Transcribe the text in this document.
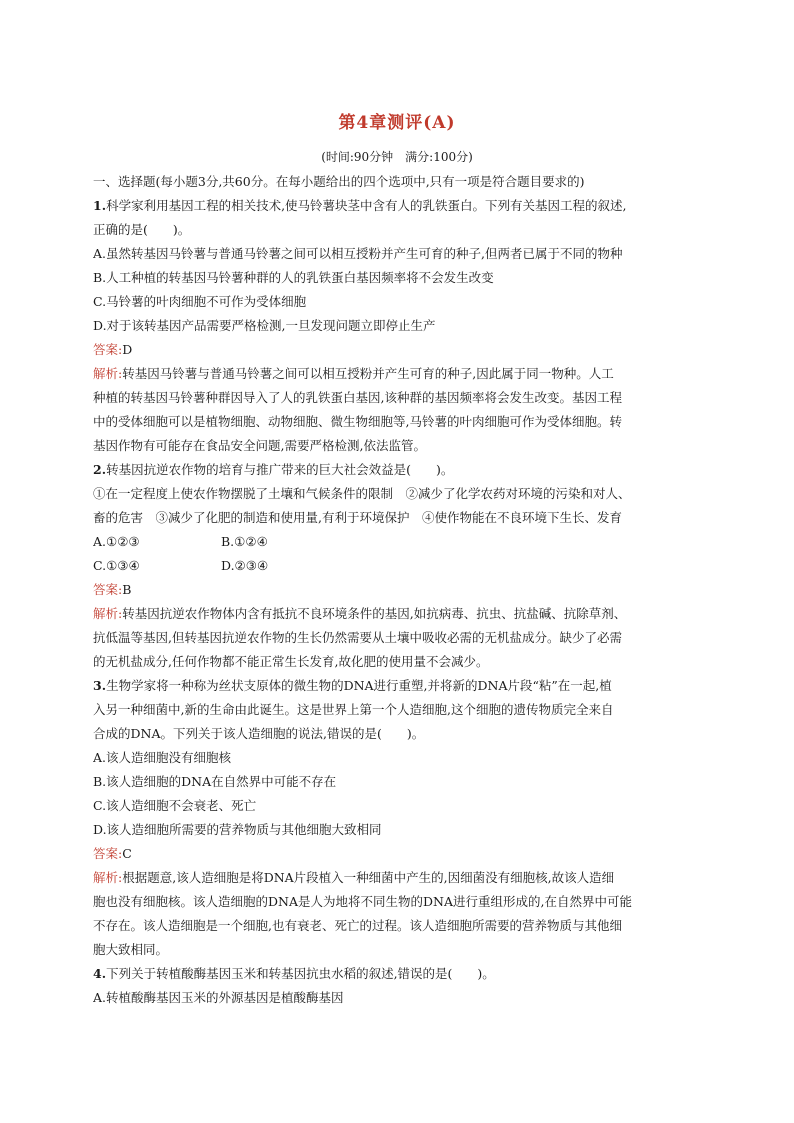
第4章测评(A)
(时间:90分钟　满分:100分)
一、选择题(每小题3分,共60分。在每小题给出的四个选项中,只有一项是符合题目要求的)
1.科学家利用基因工程的相关技术,使马铃薯块茎中含有人的乳铁蛋白。下列有关基因工程的叙述,
正确的是(　　)。
A.虽然转基因马铃薯与普通马铃薯之间可以相互授粉并产生可育的种子,但两者已属于不同的物种
B.人工种植的转基因马铃薯种群的人的乳铁蛋白基因频率将不会发生改变
C.马铃薯的叶肉细胞不可作为受体细胞
D.对于该转基因产品需要严格检测,一旦发现问题立即停止生产
答案:D
解析:转基因马铃薯与普通马铃薯之间可以相互授粉并产生可育的种子,因此属于同一物种。人工
种植的转基因马铃薯种群因导入了人的乳铁蛋白基因,该种群的基因频率将会发生改变。基因工程
中的受体细胞可以是植物细胞、动物细胞、微生物细胞等,马铃薯的叶肉细胞可作为受体细胞。转
基因作物有可能存在食品安全问题,需要严格检测,依法监管。
2.转基因抗逆农作物的培育与推广带来的巨大社会效益是(　　)。
①在一定程度上使农作物摆脱了土壤和气候条件的限制　②减少了化学农药对环境的污染和对人、
畜的危害　③减少了化肥的制造和使用量,有利于环境保护　④使作物能在不良环境下生长、发育
A.①②③	B.①②④
C.①③④	D.②③④
答案:B
解析:转基因抗逆农作物体内含有抵抗不良环境条件的基因,如抗病毒、抗虫、抗盐碱、抗除草剂、
抗低温等基因,但转基因抗逆农作物的生长仍然需要从土壤中吸收必需的无机盐成分。缺少了必需
的无机盐成分,任何作物都不能正常生长发育,故化肥的使用量不会减少。
3.生物学家将一种称为丝状支原体的微生物的DNA进行重塑,并将新的DNA片段“粘”在一起,植
入另一种细菌中,新的生命由此诞生。这是世界上第一个人造细胞,这个细胞的遗传物质完全来自
合成的DNA。下列关于该人造细胞的说法,错误的是(　　)。
A.该人造细胞没有细胞核
B.该人造细胞的DNA在自然界中可能不存在
C.该人造细胞不会衰老、死亡
D.该人造细胞所需要的营养物质与其他细胞大致相同
答案:C
解析:根据题意,该人造细胞是将DNA片段植入一种细菌中产生的,因细菌没有细胞核,故该人造细
胞也没有细胞核。该人造细胞的DNA是人为地将不同生物的DNA进行重组形成的,在自然界中可能
不存在。该人造细胞是一个细胞,也有衰老、死亡的过程。该人造细胞所需要的营养物质与其他细
胞大致相同。
4.下列关于转植酸酶基因玉米和转基因抗虫水稻的叙述,错误的是(　　)。
A.转植酸酶基因玉米的外源基因是植酸酶基因
